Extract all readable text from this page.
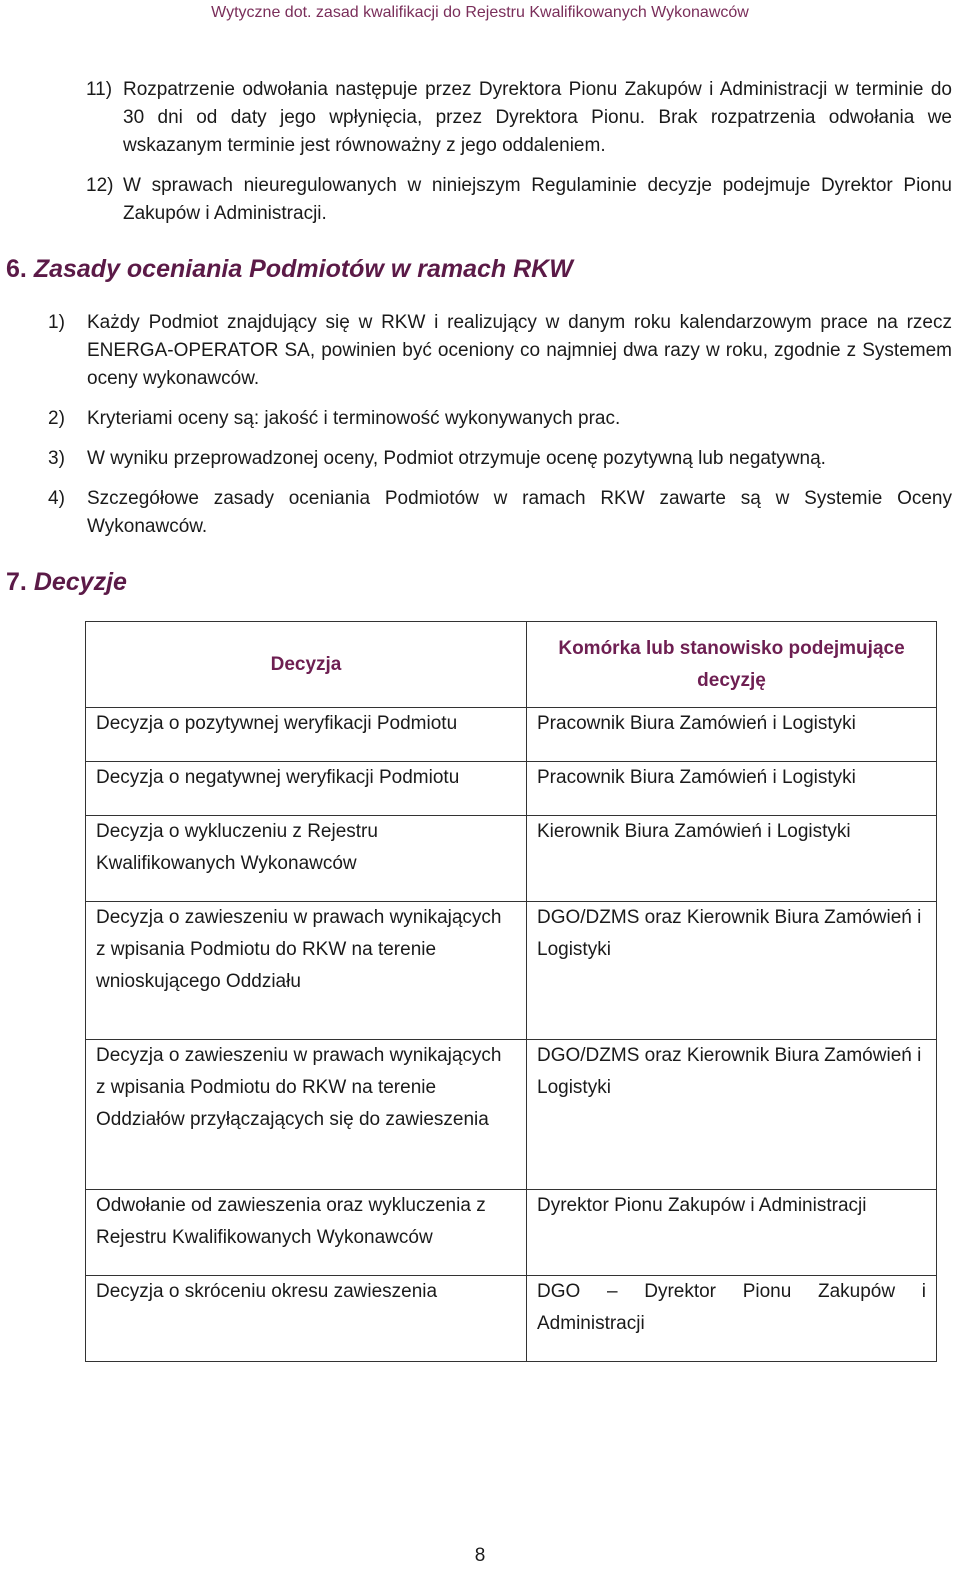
Wytyczne dot. zasad kwalifikacji do Rejestru Kwalifikowanych Wykonawców
11) Rozpatrzenie odwołania następuje przez Dyrektora Pionu Zakupów i Administracji w terminie do 30 dni od daty jego wpłynięcia, przez Dyrektora Pionu. Brak rozpatrzenia odwołania we wskazanym terminie jest równoważny z jego oddaleniem.
12) W sprawach nieuregulowanych w niniejszym Regulaminie decyzje podejmuje Dyrektor Pionu Zakupów i Administracji.
6. Zasady oceniania Podmiotów w ramach RKW
1) Każdy Podmiot znajdujący się w RKW i realizujący w danym roku kalendarzowym prace na rzecz ENERGA-OPERATOR SA, powinien być oceniony co najmniej dwa razy w roku, zgodnie z Systemem oceny wykonawców.
2) Kryteriami oceny są: jakość i terminowość wykonywanych prac.
3) W wyniku przeprowadzonej oceny, Podmiot otrzymuje ocenę pozytywną lub negatywną.
4) Szczegółowe zasady oceniania Podmiotów w ramach RKW zawarte są w Systemie Oceny Wykonawców.
7. Decyzje
Decyzja	Komórka lub stanowisko podejmujące decyzję
Decyzja o pozytywnej weryfikacji Podmiotu	Pracownik Biura Zamówień i Logistyki
Decyzja o negatywnej weryfikacji Podmiotu	Pracownik Biura Zamówień i Logistyki
Decyzja o wykluczeniu z Rejestru Kwalifikowanych Wykonawców	Kierownik Biura Zamówień i Logistyki
Decyzja o zawieszeniu w prawach wynikających z wpisania Podmiotu do RKW na terenie wnioskującego Oddziału	DGO/DZMS oraz Kierownik Biura Zamówień i Logistyki
Decyzja o zawieszeniu w prawach wynikających z wpisania Podmiotu do RKW na terenie Oddziałów przyłączających się do zawieszenia	DGO/DZMS oraz Kierownik Biura Zamówień i Logistyki
Odwołanie od zawieszenia oraz wykluczenia z Rejestru Kwalifikowanych Wykonawców	Dyrektor Pionu Zakupów i Administracji
Decyzja o skróceniu okresu zawieszenia	DGO – Dyrektor Pionu Zakupów i Administracji
8
